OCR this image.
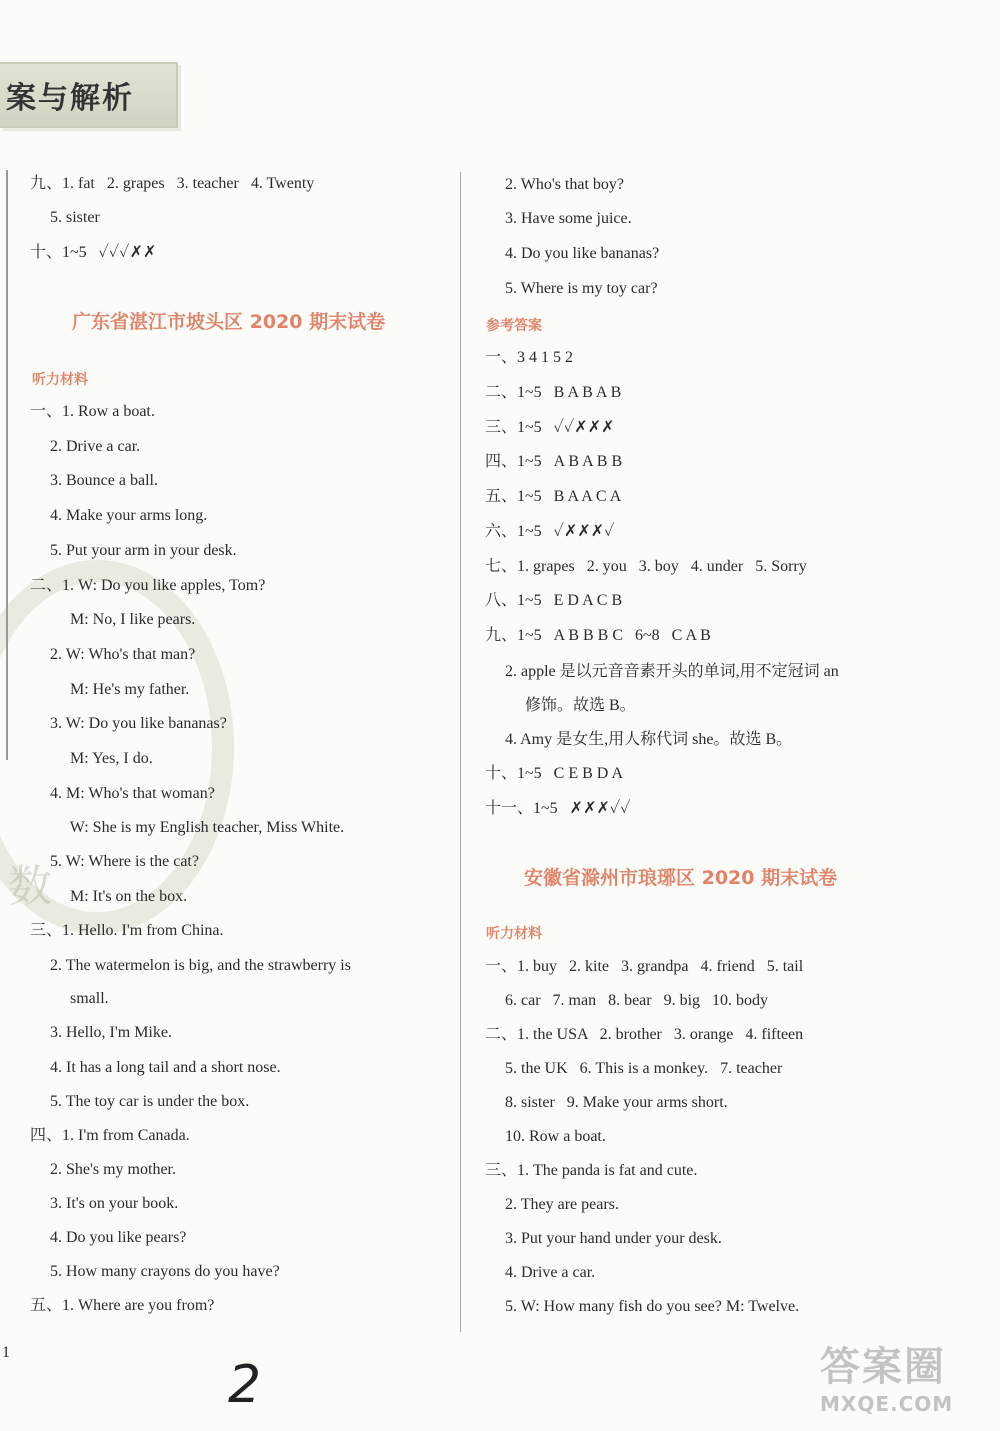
数
案与解析
九、1. fat   2. grapes   3. teacher   4. Twenty
5. sister
十、1~5   ✓✓✓✗✗
广东省湛江市坡头区 2020 期末试卷
听力材料
一、1. Row a boat.
2. Drive a car.
3. Bounce a ball.
4. Make your arms long.
5. Put your arm in your desk.
二、1. W: Do you like apples, Tom?
M: No, I like pears.
2. W: Who's that man?
M: He's my father.
3. W: Do you like bananas?
M: Yes, I do.
4. M: Who's that woman?
W: She is my English teacher, Miss White.
5. W: Where is the cat?
M: It's on the box.
三、1. Hello. I'm from China.
2. The watermelon is big, and the strawberry is
small.
3. Hello, I'm Mike.
4. It has a long tail and a short nose.
5. The toy car is under the box.
四、1. I'm from Canada.
2. She's my mother.
3. It's on your book.
4. Do you like pears?
5. How many crayons do you have?
五、1. Where are you from?
2. Who's that boy?
3. Have some juice.
4. Do you like bananas?
5. Where is my toy car?
参考答案
一、3 4 1 5 2
二、1~5   B A B A B
三、1~5   ✓✓✗✗✗
四、1~5   A B A B B
五、1~5   B A A C A
六、1~5   ✓✗✗✗✓
七、1. grapes   2. you   3. boy   4. under   5. Sorry
八、1~5   E D A C B
九、1~5   A B B B C   6~8   C A B
2. apple 是以元音音素开头的单词,用不定冠词 an
修饰。故选 B。
4. Amy 是女生,用人称代词 she。故选 B。
十、1~5   C E B D A
十一、1~5   ✗✗✗✓✓
安徽省滁州市琅琊区 2020 期末试卷
听力材料
一、1. buy   2. kite   3. grandpa   4. friend   5. tail
6. car   7. man   8. bear   9. big   10. body
二、1. the USA   2. brother   3. orange   4. fifteen
5. the UK   6. This is a monkey.   7. teacher
8. sister   9. Make your arms short.
10. Row a boat.
三、1. The panda is fat and cute.
2. They are pears.
3. Put your hand under your desk.
4. Drive a car.
5. W: How many fish do you see? M: Twelve.
1
2	答案圈
MXQE.COM
